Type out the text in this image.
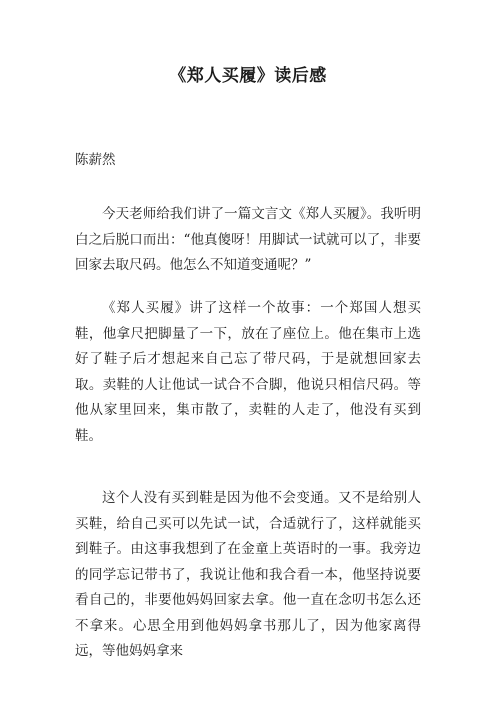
《郑人买履》读后感
陈薪然

今天老师给我们讲了一篇文言文《郑人买履》。我听明白之后脱口而出：“他真傻呀！用脚试一试就可以了，非要回家去取尺码。他怎么不知道变通呢？”

《郑人买履》讲了这样一个故事：一个郑国人想买鞋，他拿尺把脚量了一下，放在了座位上。他在集市上选好了鞋子后才想起来自己忘了带尺码，于是就想回家去取。卖鞋的人让他试一试合不合脚，他说只相信尺码。等他从家里回来，集市散了，卖鞋的人走了，他没有买到鞋。

这个人没有买到鞋是因为他不会变通。又不是给别人买鞋，给自己买可以先试一试，合适就行了，这样就能买到鞋子。由这事我想到了在金童上英语时的一事。我旁边的同学忘记带书了，我说让他和我合看一本，他坚持说要看自己的，非要他妈妈回家去拿。他一直在念叨书怎么还不拿来。心思全用到他妈妈拿书那儿了，因为他家离得远，等他妈妈拿来
